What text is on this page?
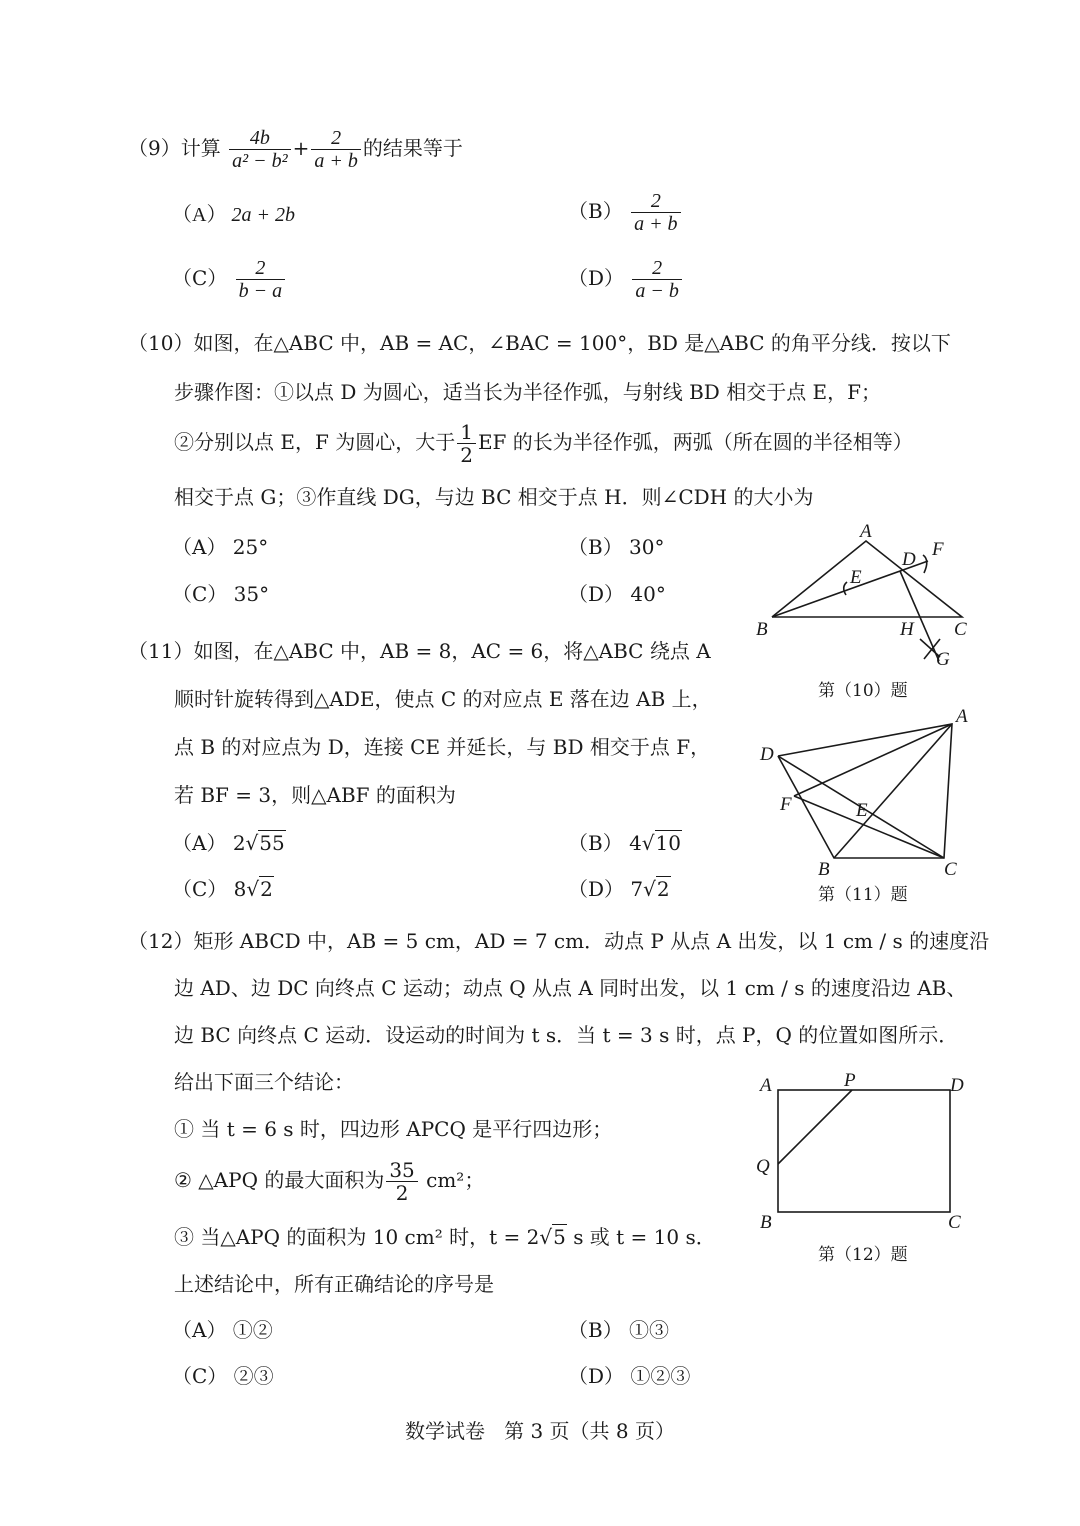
（9）计算 $\frac{4b}{\text{a² − b²}} + \frac{2}{a + b}$ 的结果等于
（A） 2a + 2b	$(B) \frac{2}{a + b}$
$(C) \frac{2}{b - a}$	$(D) \frac{2}{a - b}$
（10）如图，在△ABC 中，AB = AC，∠BAC = 100°，BD 是△ABC 的角平分线．按以下
步骤作图：①以点 D 为圆心，适当长为半径作弧，与射线 BD 相交于点 E，F；
②分别以点 E，F 为圆心，大于 $\frac{1}{2}$ EF 的长为半径作弧，两弧（所在圆的半径相等）
相交于点 G；③作直线 DG，与边 BC 相交于点 H．则∠CDH 的大小为
（A） 25°	（B） 30°
（C） 35°	（D） 40°
A
B	C
D
E
F
G
H
第（10）题
（11）如图，在△ABC 中，AB = 8，AC = 6，将△ABC 绕点 A
顺时针旋转得到△ADE，使点 C 的对应点 E 落在边 AB 上，
点 B 的对应点为 D，连接 CE 并延长，与 BD 相交于点 F，
若 BF = 3，则△ABF 的面积为
（A） 2√55	（B） 4√10
（C） 8√2	（D） 7√2
A
B	C
D
E
F
第（11）题
（12）矩形 ABCD 中，AB = 5 cm，AD = 7 cm．动点 P 从点 A 出发，以 1 cm / s 的速度沿
边 AD、边 DC 向终点 C 运动；动点 Q 从点 A 同时出发，以 1 cm / s 的速度沿边 AB、
边 BC 向终点 C 运动．设运动的时间为 t s．当 t = 3 s 时，点 P，Q 的位置如图所示．
给出下面三个结论：
① 当 t = 6 s 时，四边形 APCQ 是平行四边形；
② △APQ 的最大面积为 $\frac{35}{2} cm^2$；
③ 当△APQ 的面积为 10 cm² 时，t = 2√5 s 或 t = 10 s．
上述结论中，所有正确结论的序号是
（A） ①②	（B） ①③
（C） ②③	（D） ①②③
A
B	C
D
P
Q
第（12）题
数学试卷   第 3 页（共 8 页）
